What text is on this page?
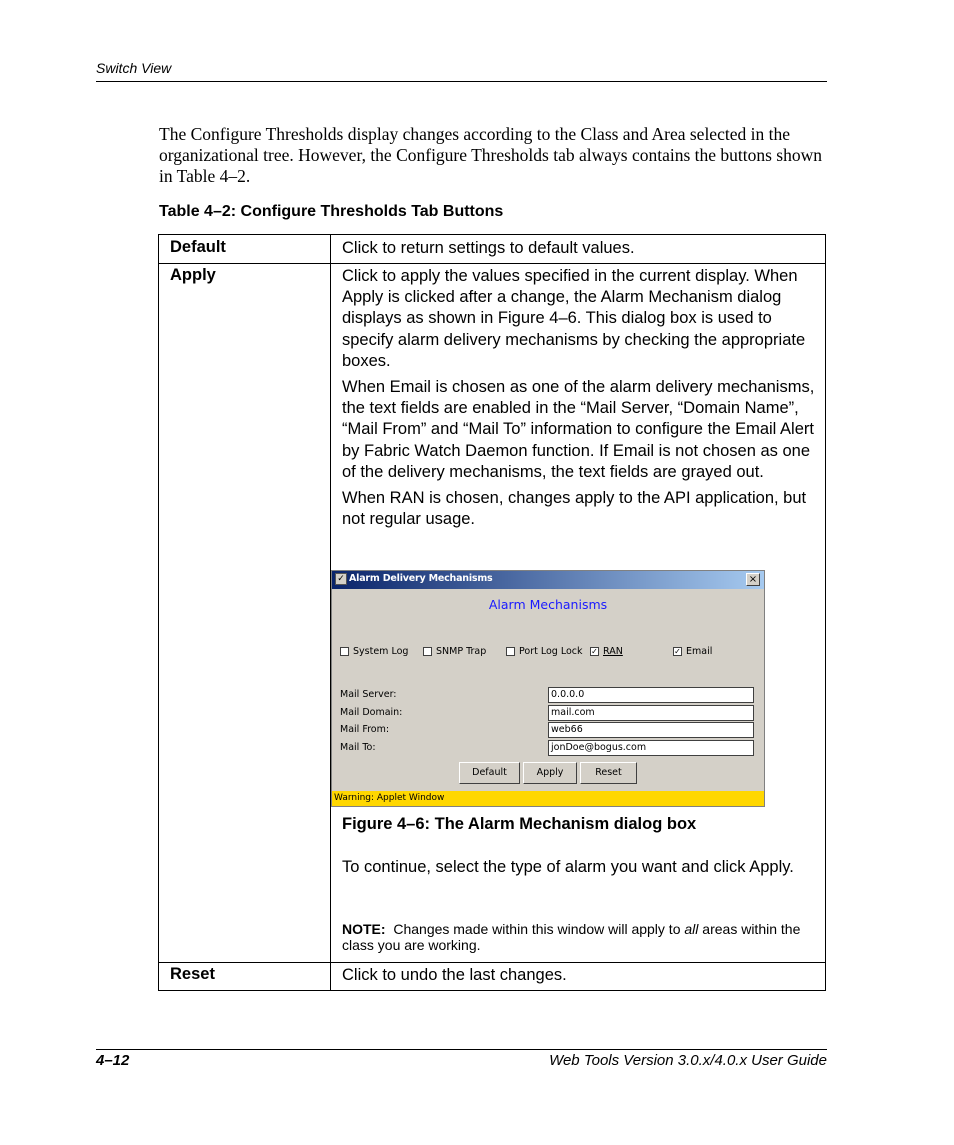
Switch View

The Configure Thresholds display changes according to the Class and Area selected in the organizational tree. However, the Configure Thresholds tab always contains the buttons shown in Table 4–2.

Table 4–2: Configure Thresholds Tab Buttons
Default	Click to return settings to default values.

Apply	Click to apply the values specified in the current display. When Apply is clicked after a change, the Alarm Mechanism dialog displays as shown in Figure 4–6. This dialog box is used to specify alarm delivery mechanisms by checking the appropriate boxes.

When Email is chosen as one of the alarm delivery mechanisms, the text fields are enabled in the “Mail Server, “Domain Name”, “Mail From” and “Mail To” information to configure the Email Alert by Fabric Watch Daemon function. If Email is not chosen as one of the delivery mechanisms, the text fields are grayed out.

When RAN is chosen, changes apply to the API application, but not regular usage.

✓ Alarm Delivery Mechanisms	×
Alarm Mechanisms
System Log	SNMP Trap	Port Log Lock ✓ RAN	✓ Email
Mail Server:	0.0.0.0
Mail Domain:	mail.com
Mail From:	web66
Mail To:	jonDoe@bogus.com
Default	Apply	Reset
Warning: Applet Window
Figure 4–6: The Alarm Mechanism dialog box
To continue, select the type of alarm you want and click Apply.
NOTE: Changes made within this window will apply to all areas within the class you are working.
Reset	Click to undo the last changes.

4–12	Web Tools Version 3.0.x/4.0.x User Guide
